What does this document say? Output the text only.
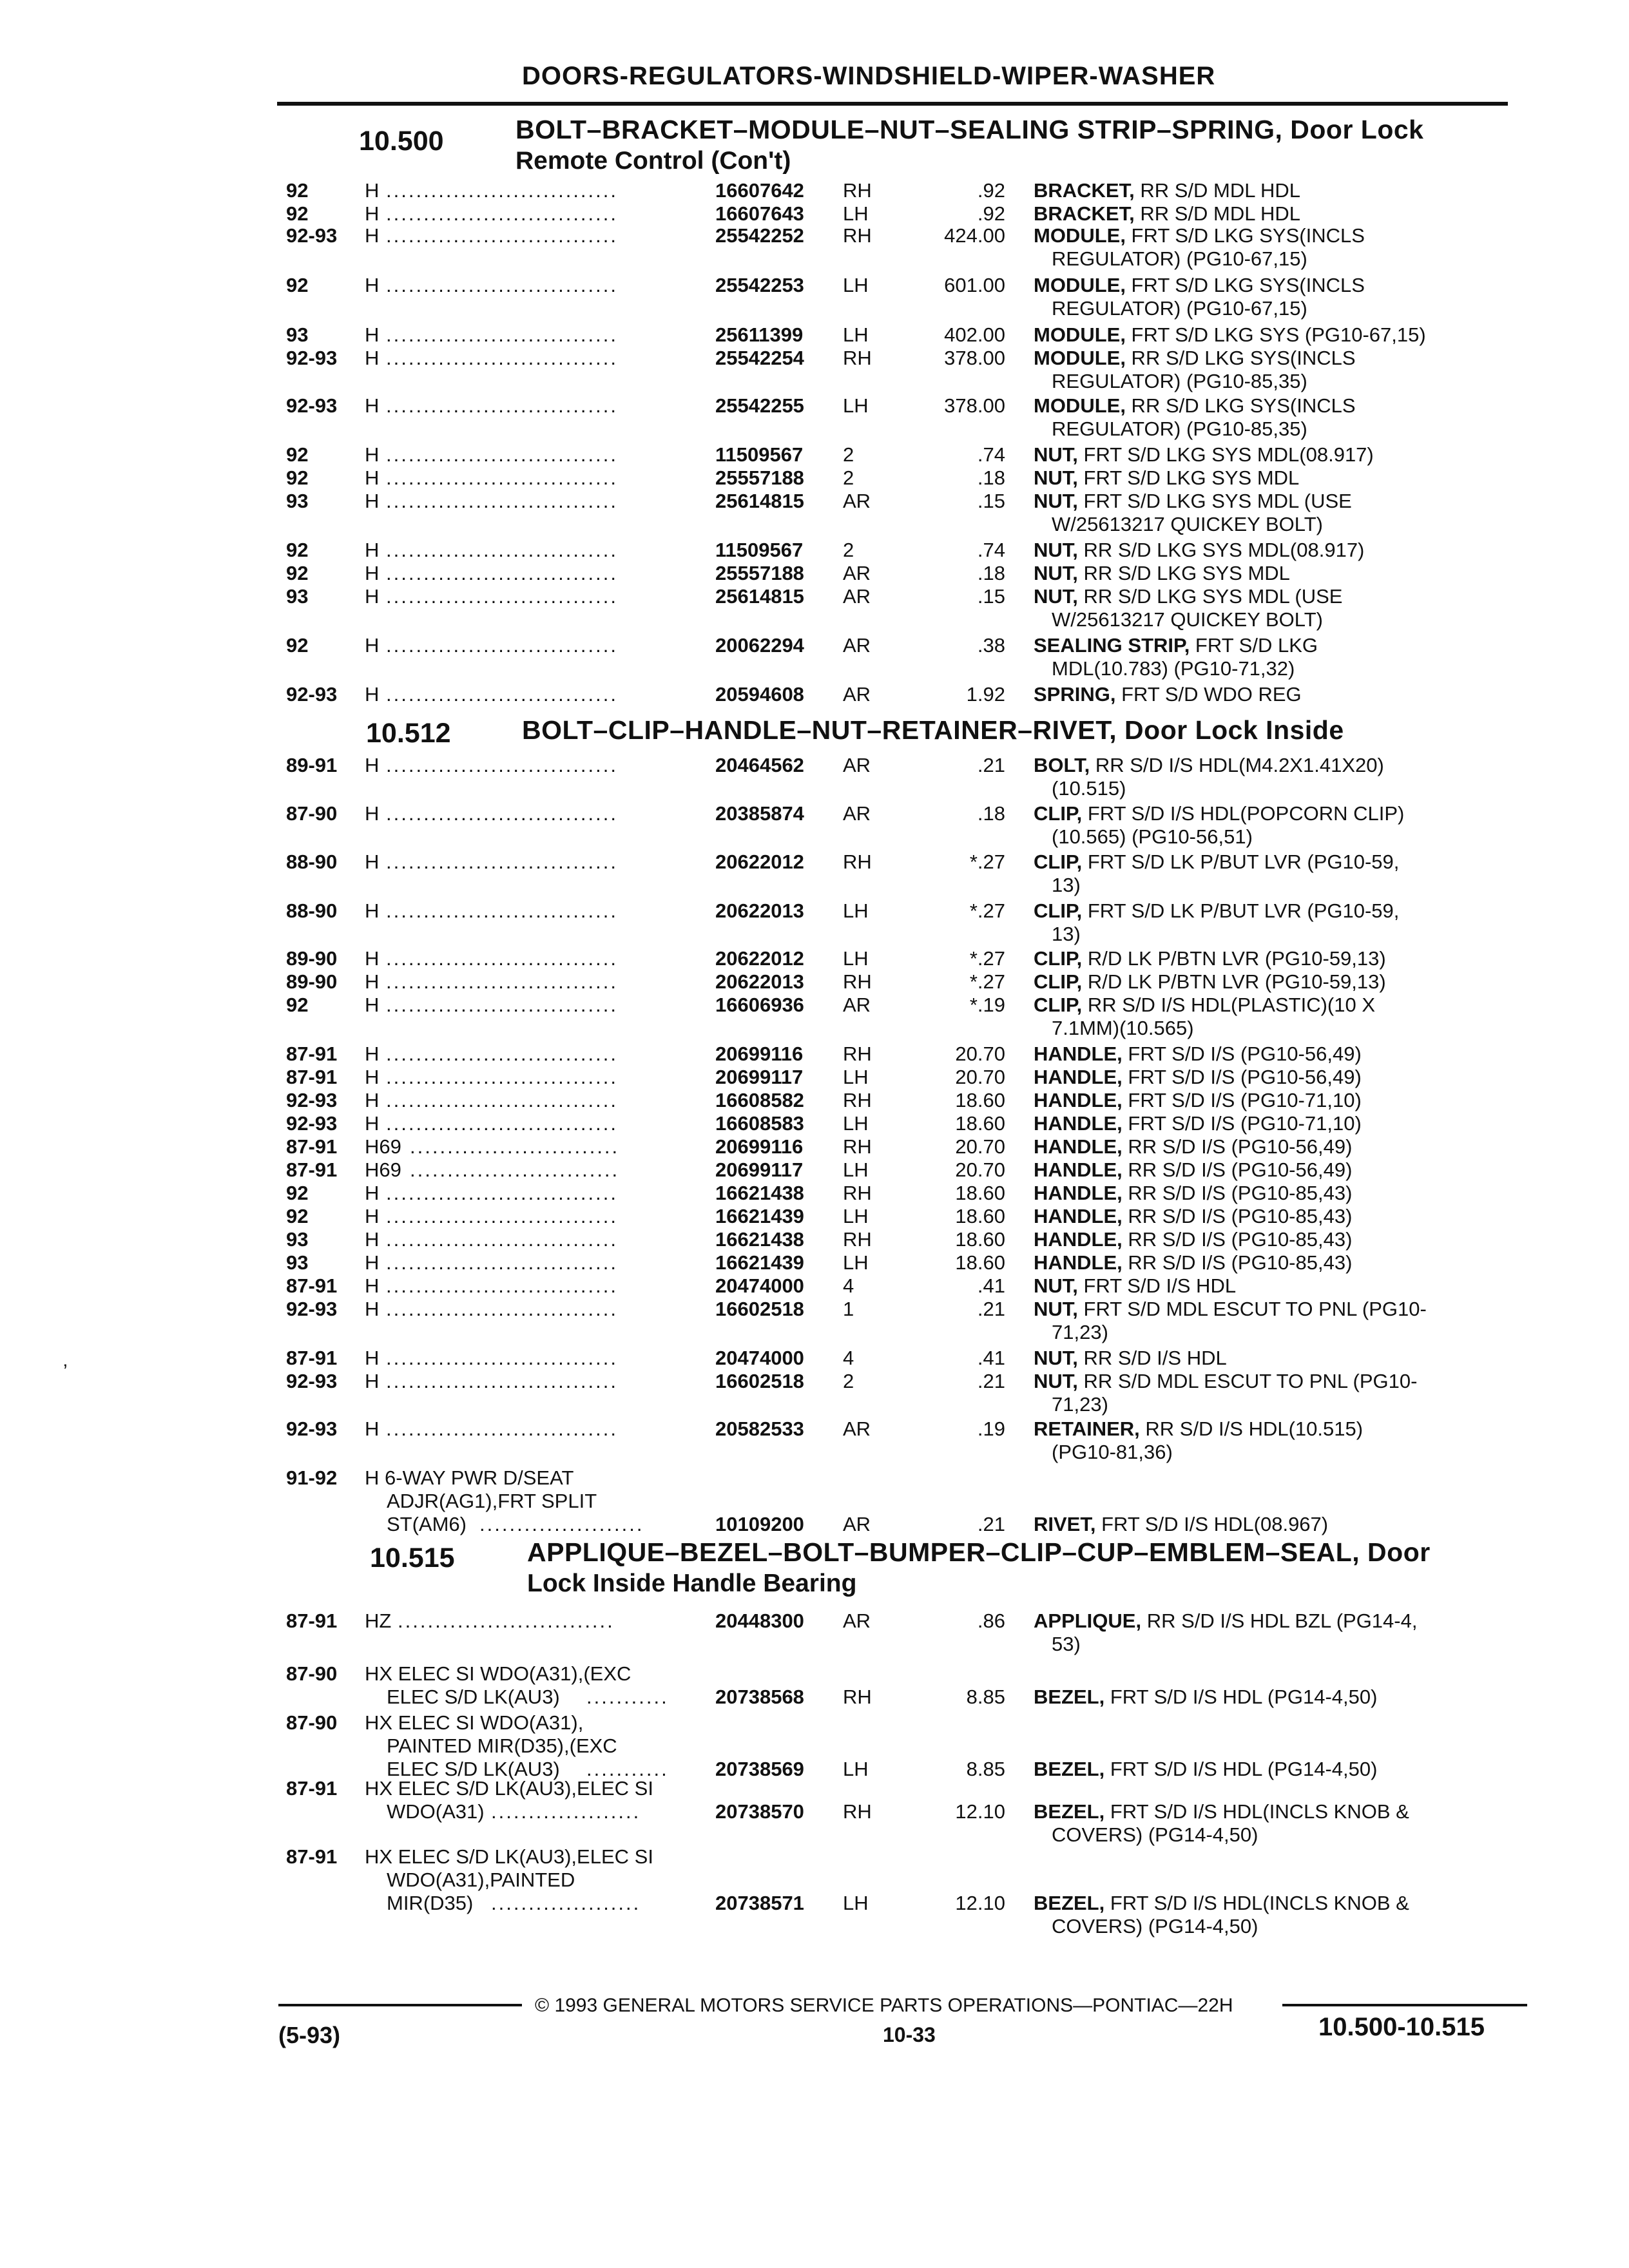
DOORS-REGULATORS-WINDSHIELD-WIPER-WASHER
10.500	BOLT–BRACKET–MODULE–NUT–SEALING STRIP–SPRING, Door Lock
Remote Control (Con't)
10.512	BOLT–CLIP–HANDLE–NUT–RETAINER–RIVET, Door Lock Inside
10.515	APPLIQUE–BEZEL–BOLT–BUMPER–CLIP–CUP–EMBLEM–SEAL, Door
Lock Inside Handle Bearing
92	H ...............................	16607642 RH	.92 BRACKET, RR S/D MDL HDL
92	H ...............................	16607643 LH	.92 BRACKET, RR S/D MDL HDL
92-93 H ...............................	25542252 RH	424.00 MODULE, FRT S/D LKG SYS(INCLS
REGULATOR) (PG10-67,15)
92	H ...............................	25542253 LH	601.00 MODULE, FRT S/D LKG SYS(INCLS
REGULATOR) (PG10-67,15)
93	H ...............................	25611399 LH	402.00 MODULE, FRT S/D LKG SYS (PG10-67,15)
92-93 H ...............................	25542254 RH	378.00 MODULE, RR S/D LKG SYS(INCLS
REGULATOR) (PG10-85,35)
92-93 H ...............................	25542255 LH	378.00 MODULE, RR S/D LKG SYS(INCLS
REGULATOR) (PG10-85,35)
92	H ...............................	11509567 2	.74 NUT, FRT S/D LKG SYS MDL(08.917)
92	H ...............................	25557188 2	.18 NUT, FRT S/D LKG SYS MDL
93	H ...............................	25614815 AR	.15 NUT, FRT S/D LKG SYS MDL (USE
W/25613217 QUICKEY BOLT)
92	H ...............................	11509567 2	.74 NUT, RR S/D LKG SYS MDL(08.917)
92	H ...............................	25557188 AR	.18 NUT, RR S/D LKG SYS MDL
93	H ...............................	25614815 AR	.15 NUT, RR S/D LKG SYS MDL (USE
W/25613217 QUICKEY BOLT)
92	H ...............................	20062294 AR	.38 SEALING STRIP, FRT S/D LKG
MDL(10.783) (PG10-71,32)
92-93 H ...............................	20594608 AR	1.92 SPRING, FRT S/D WDO REG
89-91 H ...............................	20464562 AR	.21 BOLT, RR S/D I/S HDL(M4.2X1.41X20)
(10.515)
87-90 H ...............................	20385874 AR	.18 CLIP, FRT S/D I/S HDL(POPCORN CLIP)
(10.565) (PG10-56,51)
88-90 H ...............................	20622012 RH	*.27 CLIP, FRT S/D LK P/BUT LVR (PG10-59,
13)
88-90 H ...............................	20622013 LH	*.27 CLIP, FRT S/D LK P/BUT LVR (PG10-59,
13)
89-90 H ...............................	20622012 LH	*.27 CLIP, R/D LK P/BTN LVR (PG10-59,13)
89-90 H ...............................	20622013 RH	*.27 CLIP, R/D LK P/BTN LVR (PG10-59,13)
92	H ...............................	16606936 AR	*.19 CLIP, RR S/D I/S HDL(PLASTIC)(10 X
7.1MM)(10.565)
87-91 H ...............................	20699116 RH	20.70 HANDLE, FRT S/D I/S (PG10-56,49)
87-91 H ...............................	20699117 LH	20.70 HANDLE, FRT S/D I/S (PG10-56,49)
92-93 H ...............................	16608582 RH	18.60 HANDLE, FRT S/D I/S (PG10-71,10)
92-93 H ...............................	16608583 LH	18.60 HANDLE, FRT S/D I/S (PG10-71,10)
87-91 H69 ............................	20699116 RH	20.70 HANDLE, RR S/D I/S (PG10-56,49)
87-91 H69 ............................	20699117 LH	20.70 HANDLE, RR S/D I/S (PG10-56,49)
92	H ...............................	16621438 RH	18.60 HANDLE, RR S/D I/S (PG10-85,43)
92	H ...............................	16621439 LH	18.60 HANDLE, RR S/D I/S (PG10-85,43)
93	H ...............................	16621438 RH	18.60 HANDLE, RR S/D I/S (PG10-85,43)
93	H ...............................	16621439 LH	18.60 HANDLE, RR S/D I/S (PG10-85,43)
87-91 H ...............................	20474000 4	.41 NUT, FRT S/D I/S HDL
92-93 H ...............................	16602518 1	.21 NUT, FRT S/D MDL ESCUT TO PNL (PG10-
71,23)
87-91 H ...............................	20474000 4	.41 NUT, RR S/D I/S HDL
92-93 H ...............................	16602518 2	.21 NUT, RR S/D MDL ESCUT TO PNL (PG10-
71,23)
92-93 H ...............................	20582533 AR	.19 RETAINER, RR S/D I/S HDL(10.515)
(PG10-81,36)
91-92 H 6-WAY PWR D/SEAT
ADJR(AG1),FRT SPLIT
ST(AM6) ......................	10109200 AR	.21 RIVET, FRT S/D I/S HDL(08.967)
87-91 HZ .............................	20448300 AR	.86 APPLIQUE, RR S/D I/S HDL BZL (PG14-4,
53)
87-90 HX ELEC SI WDO(A31),(EXC
ELEC S/D LK(AU3) ........... 20738568 RH	8.85 BEZEL, FRT S/D I/S HDL (PG14-4,50)
87-90 HX ELEC SI WDO(A31),
PAINTED MIR(D35),(EXC
ELEC S/D LK(AU3) ........... 20738569 LH	8.85 BEZEL, FRT S/D I/S HDL (PG14-4,50)
87-91 HX ELEC S/D LK(AU3),ELEC SI
WDO(A31) ....................	20738570 RH	12.10 BEZEL, FRT S/D I/S HDL(INCLS KNOB &
COVERS) (PG14-4,50)
87-91 HX ELEC S/D LK(AU3),ELEC SI
WDO(A31),PAINTED
MIR(D35) ....................	20738571 LH	12.10 BEZEL, FRT S/D I/S HDL(INCLS KNOB &
COVERS) (PG14-4,50)
© 1993 GENERAL MOTORS SERVICE PARTS OPERATIONS—PONTIAC—22H
(5-93)	10-33	10.500-10.515
’
